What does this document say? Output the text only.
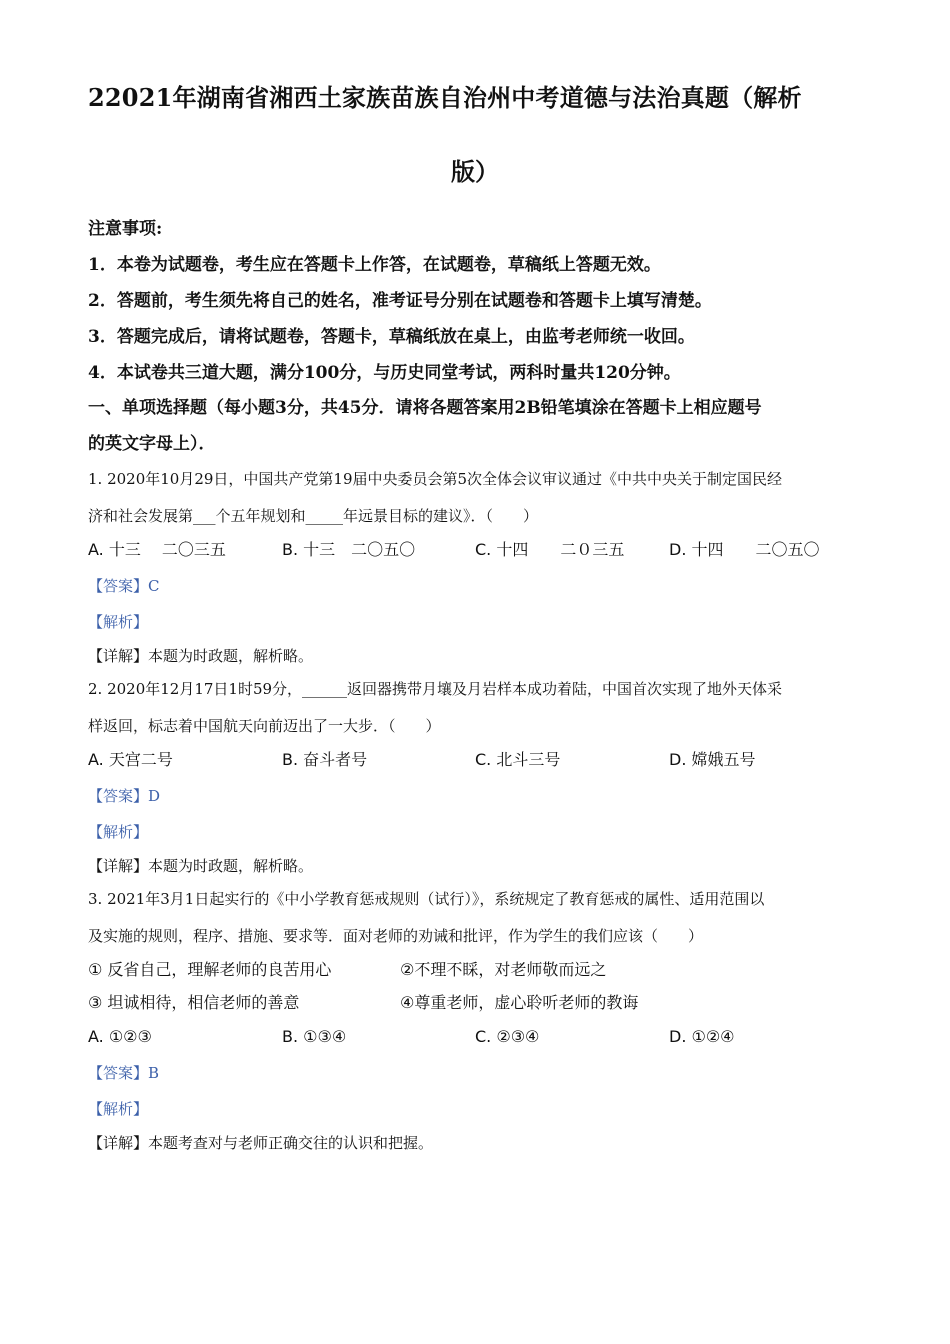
22021年湖南省湘西土家族苗族自治州中考道德与法治真题（解析
版）
注意事项:
1．本卷为试题卷，考生应在答题卡上作答，在试题卷，草稿纸上答题无效。
2．答题前，考生须先将自己的姓名，准考证号分别在试题卷和答题卡上填写清楚。
3．答题完成后，请将试题卷，答题卡，草稿纸放在桌上，由监考老师统一收回。
4．本试卷共三道大题，满分100分，与历史同堂考试，两科时量共120分钟。
一、单项选择题（每小题3分，共45分．请将各题答案用2B铅笔填涂在答题卡上相应题号
的英文字母上）．
1. 2020年10月29日，中国共产党第19届中央委员会第5次全体会议审议通过《中共中央关于制定国民经
济和社会发展第___个五年规划和_____年远景目标的建议》．（　　）
A. 十三　 二〇三五	B. 十三　二〇五〇	C. 十四　　二０三五	D. 十四　　二〇五〇
【答案】C
【解析】
【详解】本题为时政题，解析略。
2. 2020年12月17日1时59分，______返回器携带月壤及月岩样本成功着陆，中国首次实现了地外天体采
样返回，标志着中国航天向前迈出了一大步．（　　）
A. 天宫二号	B. 奋斗者号	C. 北斗三号	D. 嫦娥五号
【答案】D
【解析】
【详解】本题为时政题，解析略。
3. 2021年3月1日起实行的《中小学教育惩戒规则（试行）》，系统规定了教育惩戒的属性、适用范围以
及实施的规则，程序、措施、要求等．面对老师的劝诫和批评，作为学生的我们应该（　　）
① 反省自己，理解老师的良苦用心	②不理不睬，对老师敬而远之
③ 坦诚相待，相信老师的善意	④尊重老师，虚心聆听老师的教诲
A. ①②③	B. ①③④	C. ②③④	D. ①②④
【答案】B
【解析】
【详解】本题考查对与老师正确交往的认识和把握。
